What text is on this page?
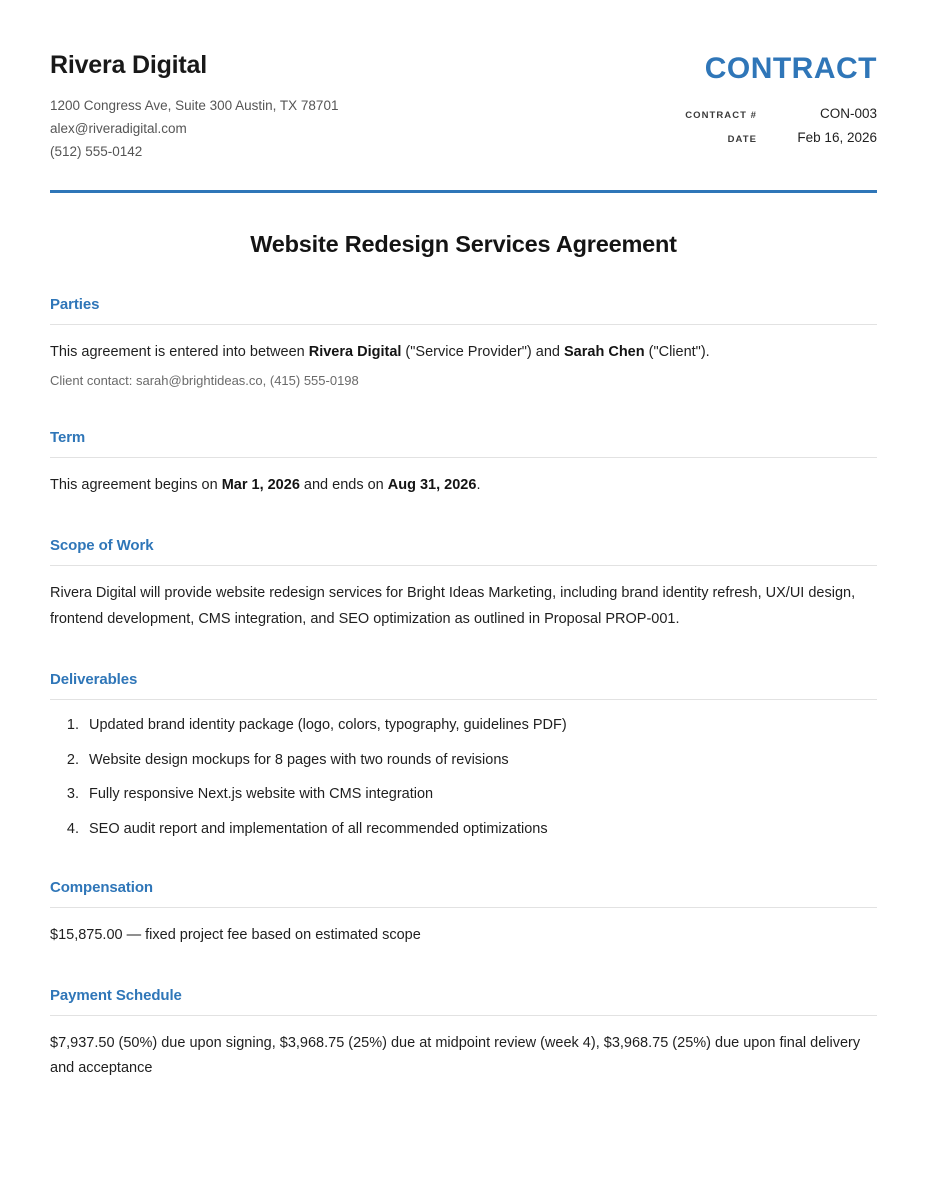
Rivera Digital
1200 Congress Ave, Suite 300 Austin, TX 78701
alex@riveradigital.com
(512) 555-0142
CONTRACT
CONTRACT #	CON-003
DATE	Feb 16, 2026
Website Redesign Services Agreement
Parties

This agreement is entered into between Rivera Digital ("Service Provider") and Sarah Chen ("Client").

Client contact: sarah@brightideas.co, (415) 555-0198

Term

This agreement begins on Mar 1, 2026 and ends on Aug 31, 2026.

Scope of Work

Rivera Digital will provide website redesign services for Bright Ideas Marketing, including brand identity refresh, UX/UI design, frontend development, CMS integration, and SEO optimization as outlined in Proposal PROP-001.

Deliverables
1. Updated brand identity package (logo, colors, typography, guidelines PDF)
2. Website design mockups for 8 pages with two rounds of revisions
3. Fully responsive Next.js website with CMS integration
4. SEO audit report and implementation of all recommended optimizations
Compensation

$15,875.00 — fixed project fee based on estimated scope

Payment Schedule

$7,937.50 (50%) due upon signing, $3,968.75 (25%) due at midpoint review (week 4), $3,968.75 (25%) due upon final delivery and acceptance
